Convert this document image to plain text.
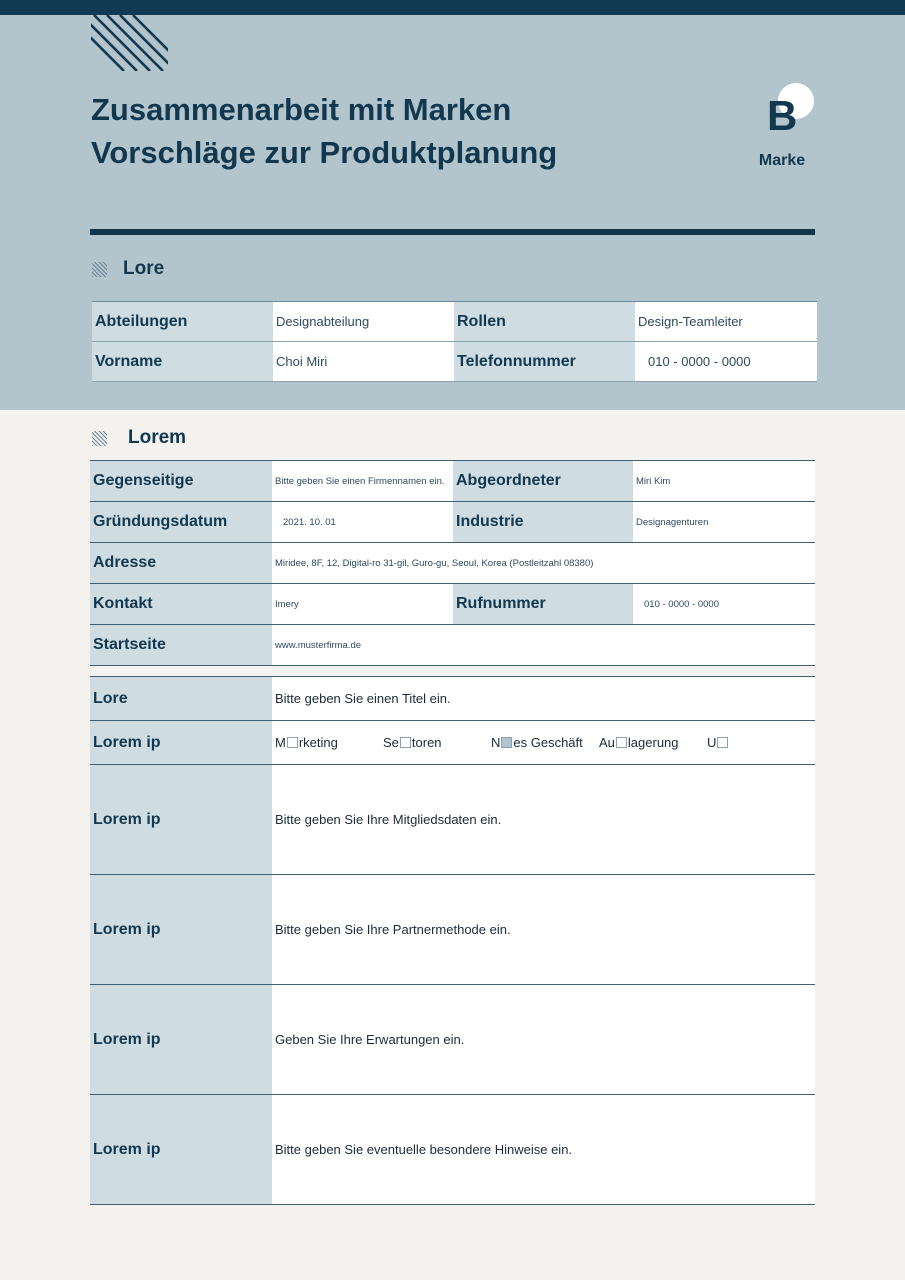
Zusammenarbeit mit Marken
Vorschläge zur Produktplanung
B
Marke
Lore
Abteilungen	Designabteilung	Rollen	Design-Teamleiter
Vorname	Choi Miri	Telefonnummer	010 - 0000 - 0000
Lorem
Gegenseitige	Bitte geben Sie einen Firmennamen ein.	Abgeordneter	Miri Kim
Gründungsdatum	2021. 10. 01	Industrie	Designagenturen
Adresse	Miridee, 8F, 12, Digital-ro 31-gil, Guro-gu, Seoul, Korea (Postleitzahl 08380)		
Kontakt	Imery	Rufnummer	010 - 0000 - 0000
Startseite	www.musterfirma.de		
Lore	Bitte geben Sie einen Titel ein.
Lorem ip	M rketing Se toren N es Geschäft Au lagerung U

Lorem ip	Bitte geben Sie Ihre Mitgliedsdaten ein.
Lorem ip	Bitte geben Sie Ihre Partnermethode ein.
Lorem ip	Geben Sie Ihre Erwartungen ein.
Lorem ip	Bitte geben Sie eventuelle besondere Hinweise ein.
